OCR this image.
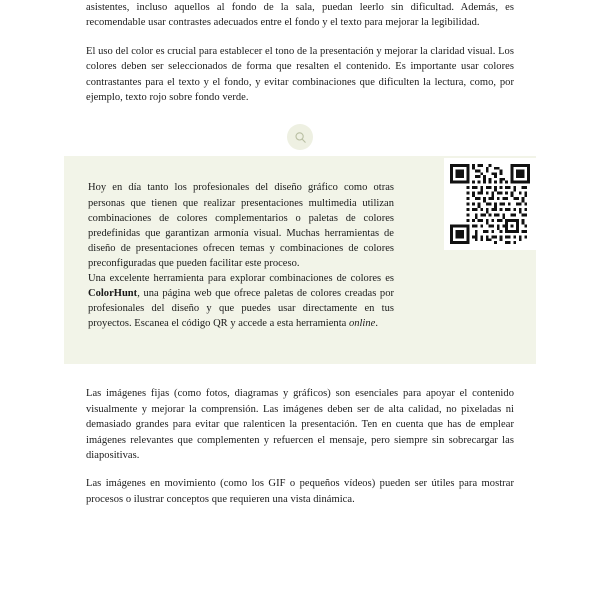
asistentes, incluso aquellos al fondo de la sala, puedan leerlo sin dificultad. Además, es recomendable usar contrastes adecuados entre el fondo y el texto para mejorar la legibilidad.

El uso del color es crucial para establecer el tono de la presentación y mejorar la claridad visual. Los colores deben ser seleccionados de forma que resalten el contenido. Es importante usar colores contrastantes para el texto y el fondo, y evitar combinaciones que dificulten la lectura, como, por ejemplo, texto rojo sobre fondo verde.

Hoy en día tanto los profesionales del diseño gráfico como otras personas que tienen que realizar presentaciones multimedia utilizan combinaciones de colores complementarios o paletas de colores predefinidas que garantizan armonía visual. Muchas herramientas de diseño de presentaciones ofrecen temas y combinaciones de colores preconfiguradas que pueden facilitar este proceso.

Una excelente herramienta para explorar combinaciones de colores es ColorHunt, una página web que ofrece paletas de colores creadas por profesionales del diseño y que puedes usar directamente en tus proyectos. Escanea el código QR y accede a esta herramienta online.

Las imágenes fijas (como fotos, diagramas y gráficos) son esenciales para apoyar el contenido visualmente y mejorar la comprensión. Las imágenes deben ser de alta calidad, no pixeladas ni demasiado grandes para evitar que ralenticen la presentación. Ten en cuenta que has de emplear imágenes relevantes que complementen y refuercen el mensaje, pero siempre sin sobrecargar las diapositivas.

Las imágenes en movimiento (como los GIF o pequeños vídeos) pueden ser útiles para mostrar procesos o ilustrar conceptos que requieren una vista dinámica.
